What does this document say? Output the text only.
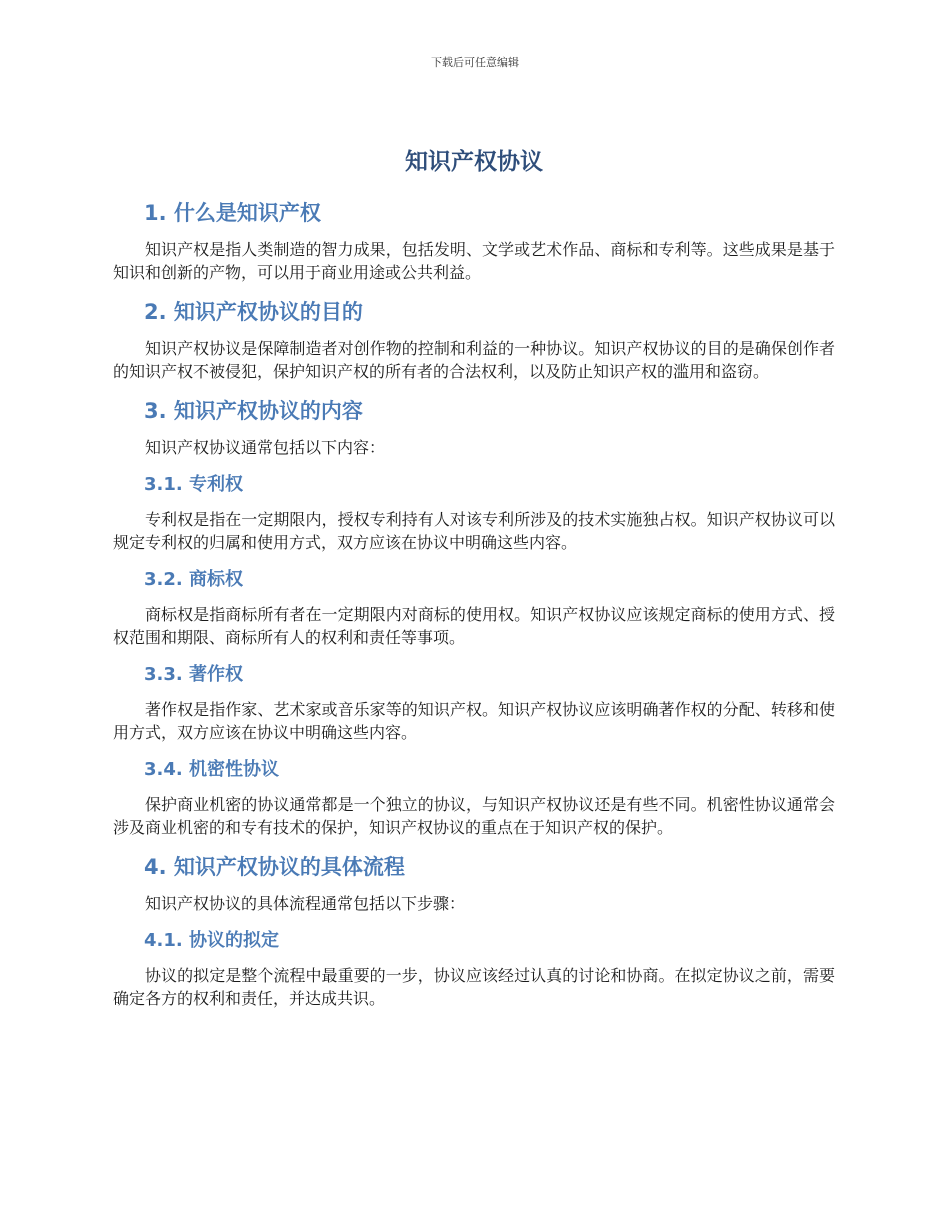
下载后可任意编辑
知识产权协议
1. 什么是知识产权

知识产权是指人类制造的智力成果，包括发明、文学或艺术作品、商标和专利等。这些成果是基于知识和创新的产物，可以用于商业用途或公共利益。

2. 知识产权协议的目的

知识产权协议是保障制造者对创作物的控制和利益的一种协议。知识产权协议的目的是确保创作者的知识产权不被侵犯，保护知识产权的所有者的合法权利，以及防止知识产权的滥用和盗窃。

3. 知识产权协议的内容

知识产权协议通常包括以下内容：

3.1. 专利权

专利权是指在一定期限内，授权专利持有人对该专利所涉及的技术实施独占权。知识产权协议可以规定专利权的归属和使用方式，双方应该在协议中明确这些内容。

3.2. 商标权

商标权是指商标所有者在一定期限内对商标的使用权。知识产权协议应该规定商标的使用方式、授权范围和期限、商标所有人的权利和责任等事项。

3.3. 著作权

著作权是指作家、艺术家或音乐家等的知识产权。知识产权协议应该明确著作权的分配、转移和使用方式，双方应该在协议中明确这些内容。

3.4. 机密性协议

保护商业机密的协议通常都是一个独立的协议，与知识产权协议还是有些不同。机密性协议通常会涉及商业机密的和专有技术的保护，知识产权协议的重点在于知识产权的保护。

4. 知识产权协议的具体流程

知识产权协议的具体流程通常包括以下步骤：

4.1. 协议的拟定

协议的拟定是整个流程中最重要的一步，协议应该经过认真的讨论和协商。在拟定协议之前，需要确定各方的权利和责任，并达成共识。
